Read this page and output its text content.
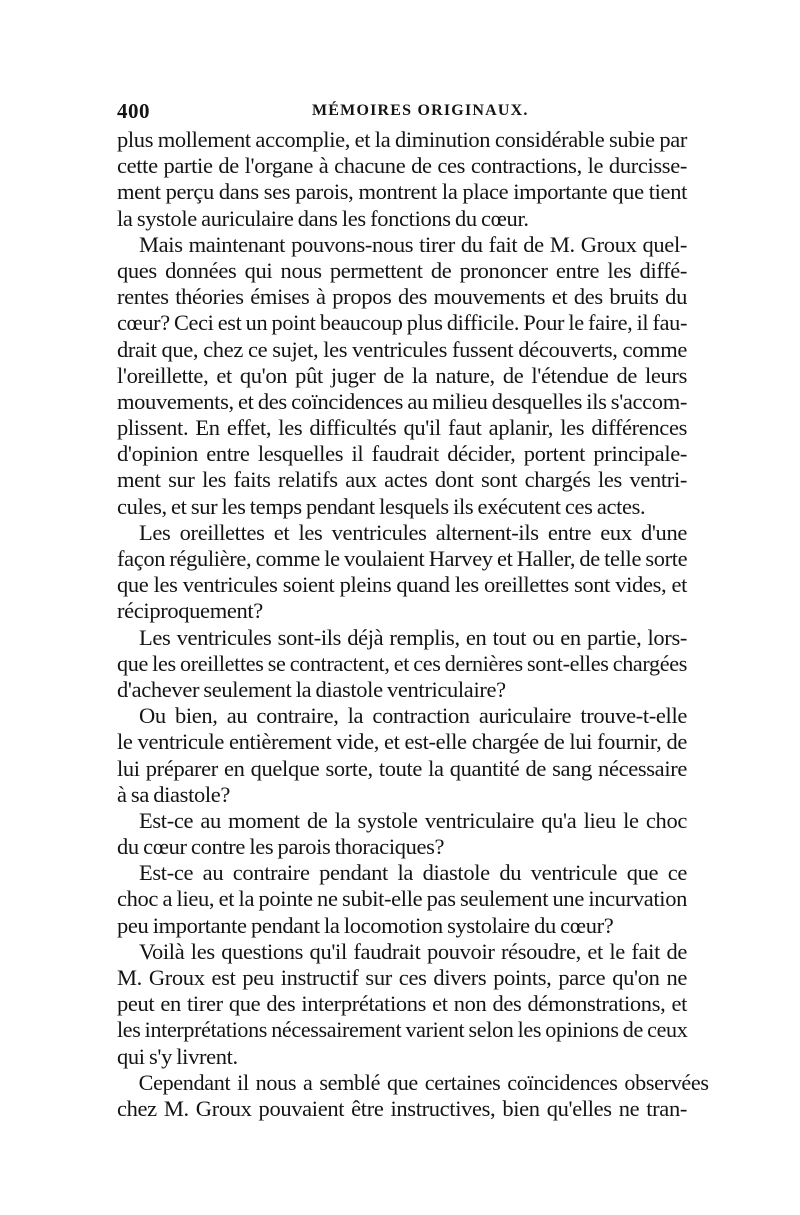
400	MÉMOIRES ORIGINAUX.
plus mollement accomplie, et la diminution considérable subie par
cette partie de l'organe à chacune de ces contractions, le durcisse-
ment perçu dans ses parois, montrent la place importante que tient
la systole auriculaire dans les fonctions du cœur.
Mais maintenant pouvons-nous tirer du fait de M. Groux quel-
ques données qui nous permettent de prononcer entre les diffé-
rentes théories émises à propos des mouvements et des bruits du
cœur? Ceci est un point beaucoup plus difficile. Pour le faire, il fau-
drait que, chez ce sujet, les ventricules fussent découverts, comme
l'oreillette, et qu'on pût juger de la nature, de l'étendue de leurs
mouvements, et des coïncidences au milieu desquelles ils s'accom-
plissent. En effet, les difficultés qu'il faut aplanir, les différences
d'opinion entre lesquelles il faudrait décider, portent principale-
ment sur les faits relatifs aux actes dont sont chargés les ventri-
cules, et sur les temps pendant lesquels ils exécutent ces actes.
Les oreillettes et les ventricules alternent-ils entre eux d'une
façon régulière, comme le voulaient Harvey et Haller, de telle sorte
que les ventricules soient pleins quand les oreillettes sont vides, et
réciproquement?
Les ventricules sont-ils déjà remplis, en tout ou en partie, lors-
que les oreillettes se contractent, et ces dernières sont-elles chargées
d'achever seulement la diastole ventriculaire?
Ou bien, au contraire, la contraction auriculaire trouve-t-elle
le ventricule entièrement vide, et est-elle chargée de lui fournir, de
lui préparer en quelque sorte, toute la quantité de sang nécessaire
à sa diastole?
Est-ce au moment de la systole ventriculaire qu'a lieu le choc
du cœur contre les parois thoraciques?
Est-ce au contraire pendant la diastole du ventricule que ce
choc a lieu, et la pointe ne subit-elle pas seulement une incurvation
peu importante pendant la locomotion systolaire du cœur?
Voilà les questions qu'il faudrait pouvoir résoudre, et le fait de
M. Groux est peu instructif sur ces divers points, parce qu'on ne
peut en tirer que des interprétations et non des démonstrations, et
les interprétations nécessairement varient selon les opinions de ceux
qui s'y livrent.
Cependant il nous a semblé que certaines coïncidences observées
chez M. Groux pouvaient être instructives, bien qu'elles ne tran-
